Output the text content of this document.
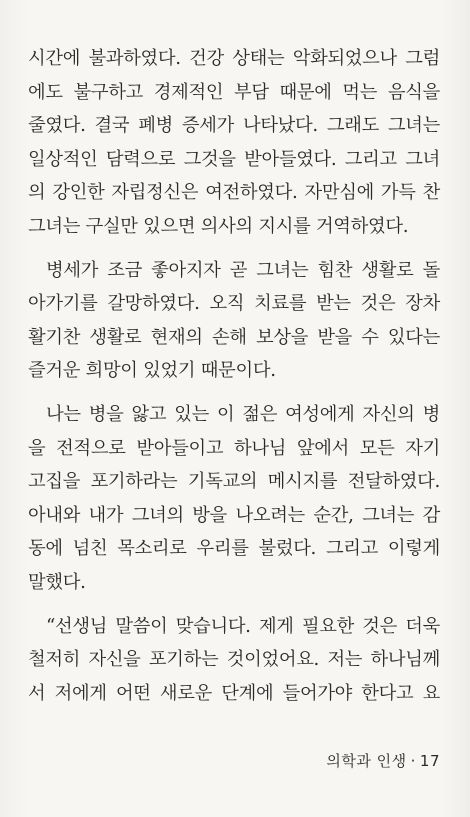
시간에 불과하였다. 건강 상태는 악화되었으나 그럼
에도 불구하고 경제적인 부담 때문에 먹는 음식을
줄였다. 결국 폐병 증세가 나타났다. 그래도 그녀는
일상적인 담력으로 그것을 받아들였다. 그리고 그녀
의 강인한 자립정신은 여전하였다. 자만심에 가득 찬
그녀는 구실만 있으면 의사의 지시를 거역하였다.
병세가 조금 좋아지자 곧 그녀는 힘찬 생활로 돌
아가기를 갈망하였다. 오직 치료를 받는 것은 장차
활기찬 생활로 현재의 손해 보상을 받을 수 있다는
즐거운 희망이 있었기 때문이다.
나는 병을 앓고 있는 이 젊은 여성에게 자신의 병
을 전적으로 받아들이고 하나님 앞에서 모든 자기
고집을 포기하라는 기독교의 메시지를 전달하였다.
아내와 내가 그녀의 방을 나오려는 순간, 그녀는 감
동에 넘친 목소리로 우리를 불렀다. 그리고 이렇게
말했다.
“선생님 말씀이 맞습니다. 제게 필요한 것은 더욱
철저히 자신을 포기하는 것이었어요. 저는 하나님께
서 저에게 어떤 새로운 단계에 들어가야 한다고 요
의학과 인생 · 17
